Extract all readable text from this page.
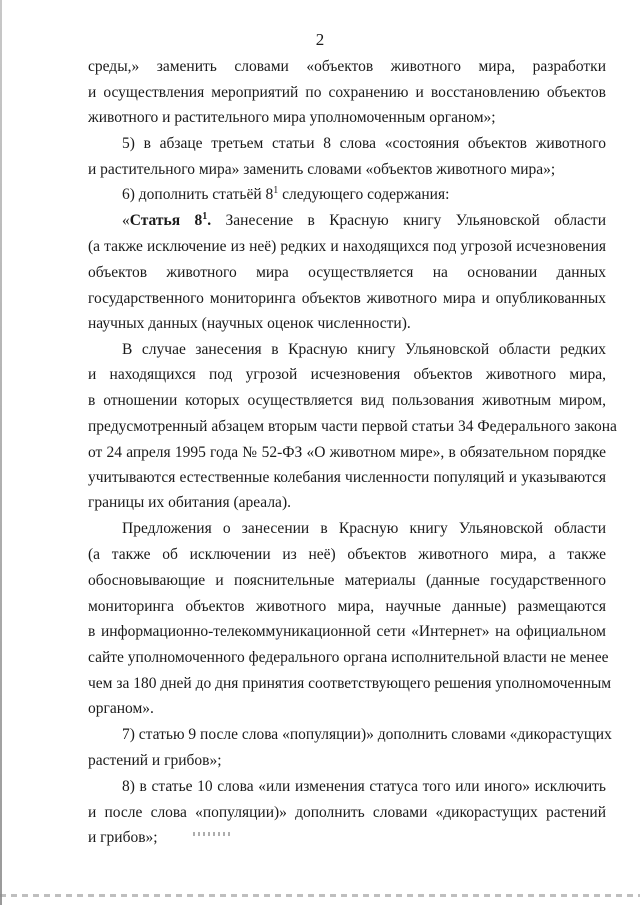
2
среды,» заменить словами «объектов животного мира, разработки
и осуществления мероприятий по сохранению и восстановлению объектов
животного и растительного мира уполномоченным органом»;
5) в абзаце третьем статьи 8 слова «состояния объектов животного
и растительного мира» заменить словами «объектов животного мира»;
6) дополнить статьёй $8^1$ следующего содержания:
«Статья $8^1$. Занесение в Красную книгу Ульяновской области
(а также исключение из неё) редких и находящихся под угрозой исчезновения
объектов животного мира осуществляется на основании данных
государственного мониторинга объектов животного мира и опубликованных
научных данных (научных оценок численности).
В случае занесения в Красную книгу Ульяновской области редких
и находящихся под угрозой исчезновения объектов животного мира,
в отношении которых осуществляется вид пользования животным миром,
предусмотренный абзацем вторым части первой статьи 34 Федерального закона
от 24 апреля 1995 года № 52-ФЗ «О животном мире», в обязательном порядке
учитываются естественные колебания численности популяций и указываются
границы их обитания (ареала).
Предложения о занесении в Красную книгу Ульяновской области
(а также об исключении из неё) объектов животного мира, а также
обосновывающие и пояснительные материалы (данные государственного
мониторинга объектов животного мира, научные данные) размещаются
в информационно-телекоммуникационной сети «Интернет» на официальном
сайте уполномоченного федерального органа исполнительной власти не менее
чем за 180 дней до дня принятия соответствующего решения уполномоченным
органом».
7) статью 9 после слова «популяции)» дополнить словами «дикорастущих
растений и грибов»;
8) в статье 10 слова «или изменения статуса того или иного» исключить
и после слова «популяции)» дополнить словами «дикорастущих растений
и грибов»;
